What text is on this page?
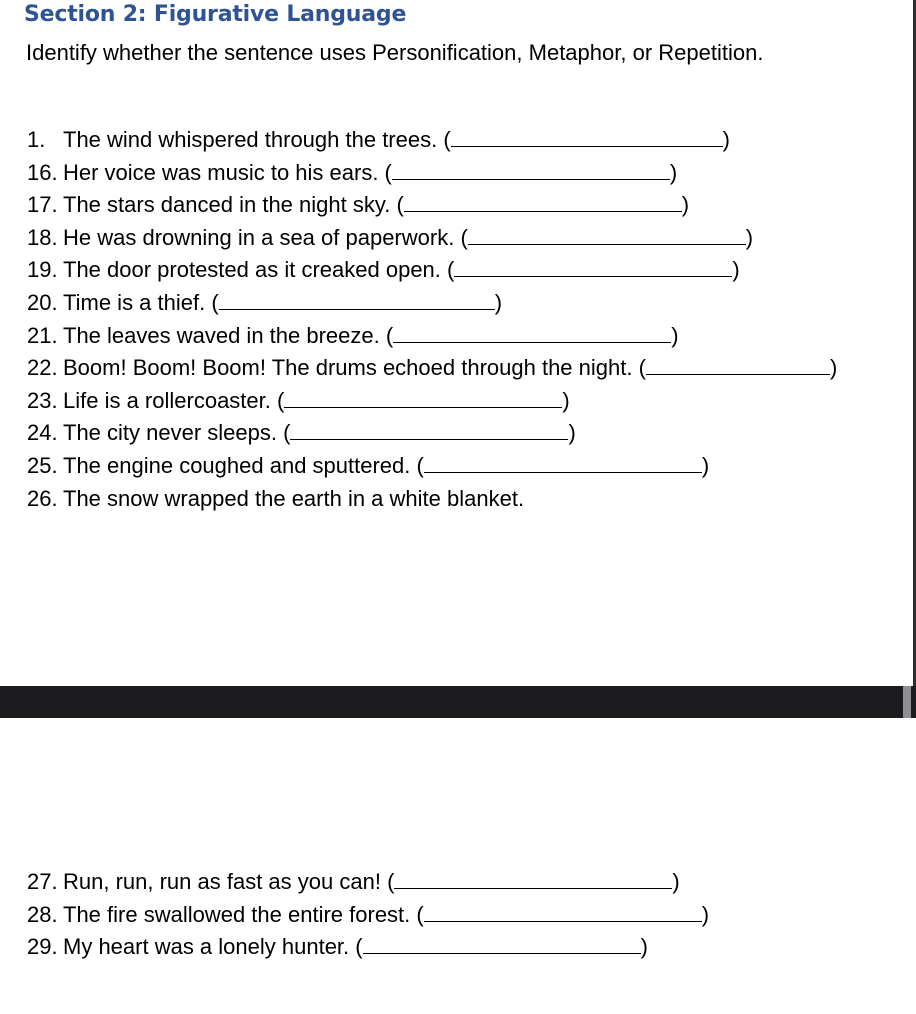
Section 2: Figurative Language

Identify whether the sentence uses Personification, Metaphor, or Repetition.

1. The wind whispered through the trees. (	)
16. Her voice was music to his ears. (	)
17. The stars danced in the night sky. (	)
18. He was drowning in a sea of paperwork. (	)
19. The door protested as it creaked open. (	)
20. Time is a thief. (	)
21. The leaves waved in the breeze. (	)
22. Boom! Boom! Boom! The drums echoed through the night. (	)
23. Life is a rollercoaster. (	)
24. The city never sleeps. (	)
25. The engine coughed and sputtered. (	)
26. The snow wrapped the earth in a white blanket.
27. Run, run, run as fast as you can! (	)
28. The fire swallowed the entire forest. (	)
29. My heart was a lonely hunter. (	)
